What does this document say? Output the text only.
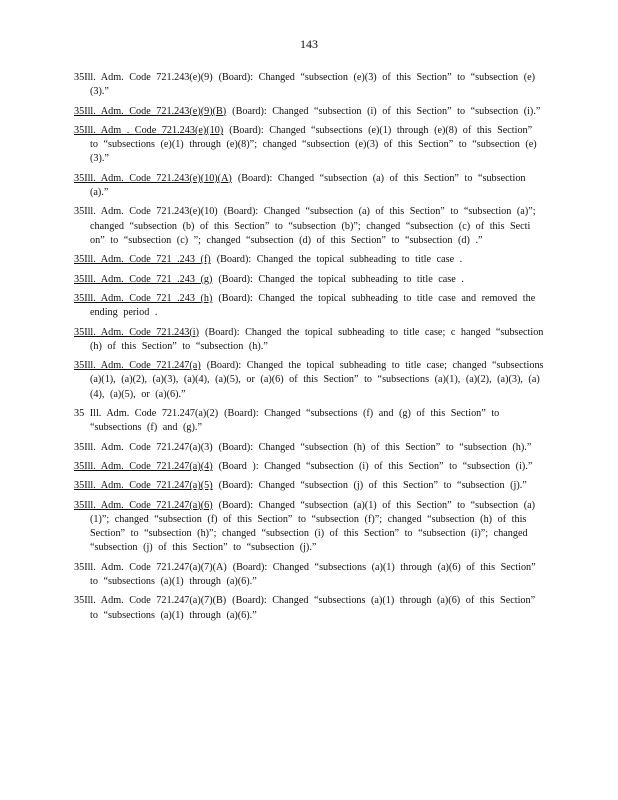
143

35Ill. Adm. Code 721.243(e)(9) (Board): Changed “subsection (e)(3) of this Section” to “subsection (e)(3).”

35Ill. Adm. Code 721.243(e)(9)(B) (Board): Changed “subsection (i) of this Section” to “subsection (i).”

35Ill. Adm . Code 721.243(e)(10) (Board): Changed “subsections (e)(1) through (e)(8) of this Section” to “subsections (e)(1) through (e)(8)”; changed “subsection (e)(3) of this Section” to “subsection (e)(3).”

35Ill. Adm. Code 721.243(e)(10)(A) (Board): Changed “subsection (a) of this Section” to “subsection (a).”

35Ill. Adm. Code 721.243(e)(10) (Board): Changed “subsection (a) of this Section” to “subsection (a)”; changed “subsection (b) of this Section” to “subsection (b)”; changed “subsection (c) of this Secti on” to “subsection (c) ”; changed “subsection (d) of this Section” to “subsection (d) .”

35Ill. Adm. Code 721 .243 (f) (Board): Changed the topical subheading to title case .

35Ill. Adm. Code 721 .243 (g) (Board): Changed the topical subheading to title case .

35Ill. Adm. Code 721 .243 (h) (Board): Changed the topical subheading to title case and removed the ending period .

35Ill. Adm. Code 721.243(i) (Board): Changed the topical subheading to title case; c hanged “subsection (h) of this Section” to “subsection (h).”

35Ill. Adm. Code 721.247(a) (Board): Changed the topical subheading to title case; changed “subsections (a)(1), (a)(2), (a)(3), (a)(4), (a)(5), or (a)(6) of this Section” to “subsections (a)(1), (a)(2), (a)(3), (a)(4), (a)(5), or (a)(6).”

35 Ill. Adm. Code 721.247(a)(2) (Board): Changed “subsections (f) and (g) of this Section” to “subsections (f) and (g).”

35Ill. Adm. Code 721.247(a)(3) (Board): Changed “subsection (h) of this Section” to “subsection (h).”

35Ill. Adm. Code 721.247(a)(4) (Board ): Changed “subsection (i) of this Section” to “subsection (i).”

35Ill. Adm. Code 721.247(a)(5) (Board): Changed “subsection (j) of this Section” to “subsection (j).”

35Ill. Adm. Code 721.247(a)(6) (Board): Changed “subsection (a)(1) of this Section” to “subsection (a)(1)”; changed “subsection (f) of this Section” to “subsection (f)”; changed “subsection (h) of this Section” to “subsection (h)”; changed “subsection (i) of this Section” to “subsection (i)”; changed “subsection (j) of this Section” to “subsection (j).”

35Ill. Adm. Code 721.247(a)(7)(A) (Board): Changed “subsections (a)(1) through (a)(6) of this Section” to “subsections (a)(1) through (a)(6).”

35Ill. Adm. Code 721.247(a)(7)(B) (Board): Changed “subsections (a)(1) through (a)(6) of this Section” to “subsections (a)(1) through (a)(6).”
